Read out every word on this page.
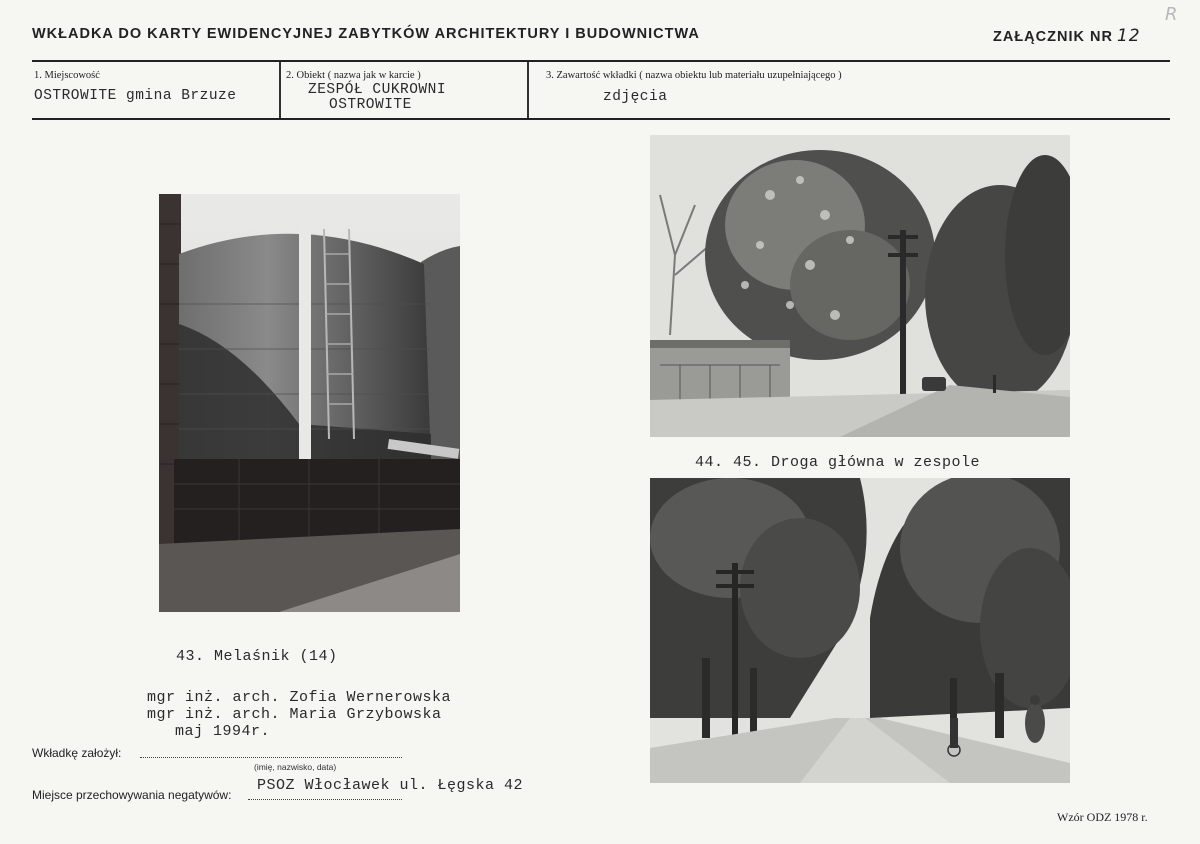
WKŁADKA DO KARTY EWIDENCYJNEJ ZABYTKÓW ARCHITEKTURY I BUDOWNICTWA	ZAŁĄCZNIK NR 12
R
1. Miejscowość
OSTROWITE gmina Brzuze
2. Obiekt ( nazwa jak w karcie )
ZESPÓŁ CUKROWNI
OSTROWITE
3. Zawartość wkładki ( nazwa obiektu lub materiału uzupełniającego )
zdjęcia
44. 45. Droga główna w zespole
43. Melaśnik (14)
mgr inż. arch. Zofia Wernerowska
mgr inż. arch. Maria Grzybowska
maj 1994r.
Wkładkę założył:
(imię, nazwisko, data)
Miejsce przechowywania negatywów:
PSOZ Włocławek ul. Łęgska 42
Wzór ODZ 1978 r.
